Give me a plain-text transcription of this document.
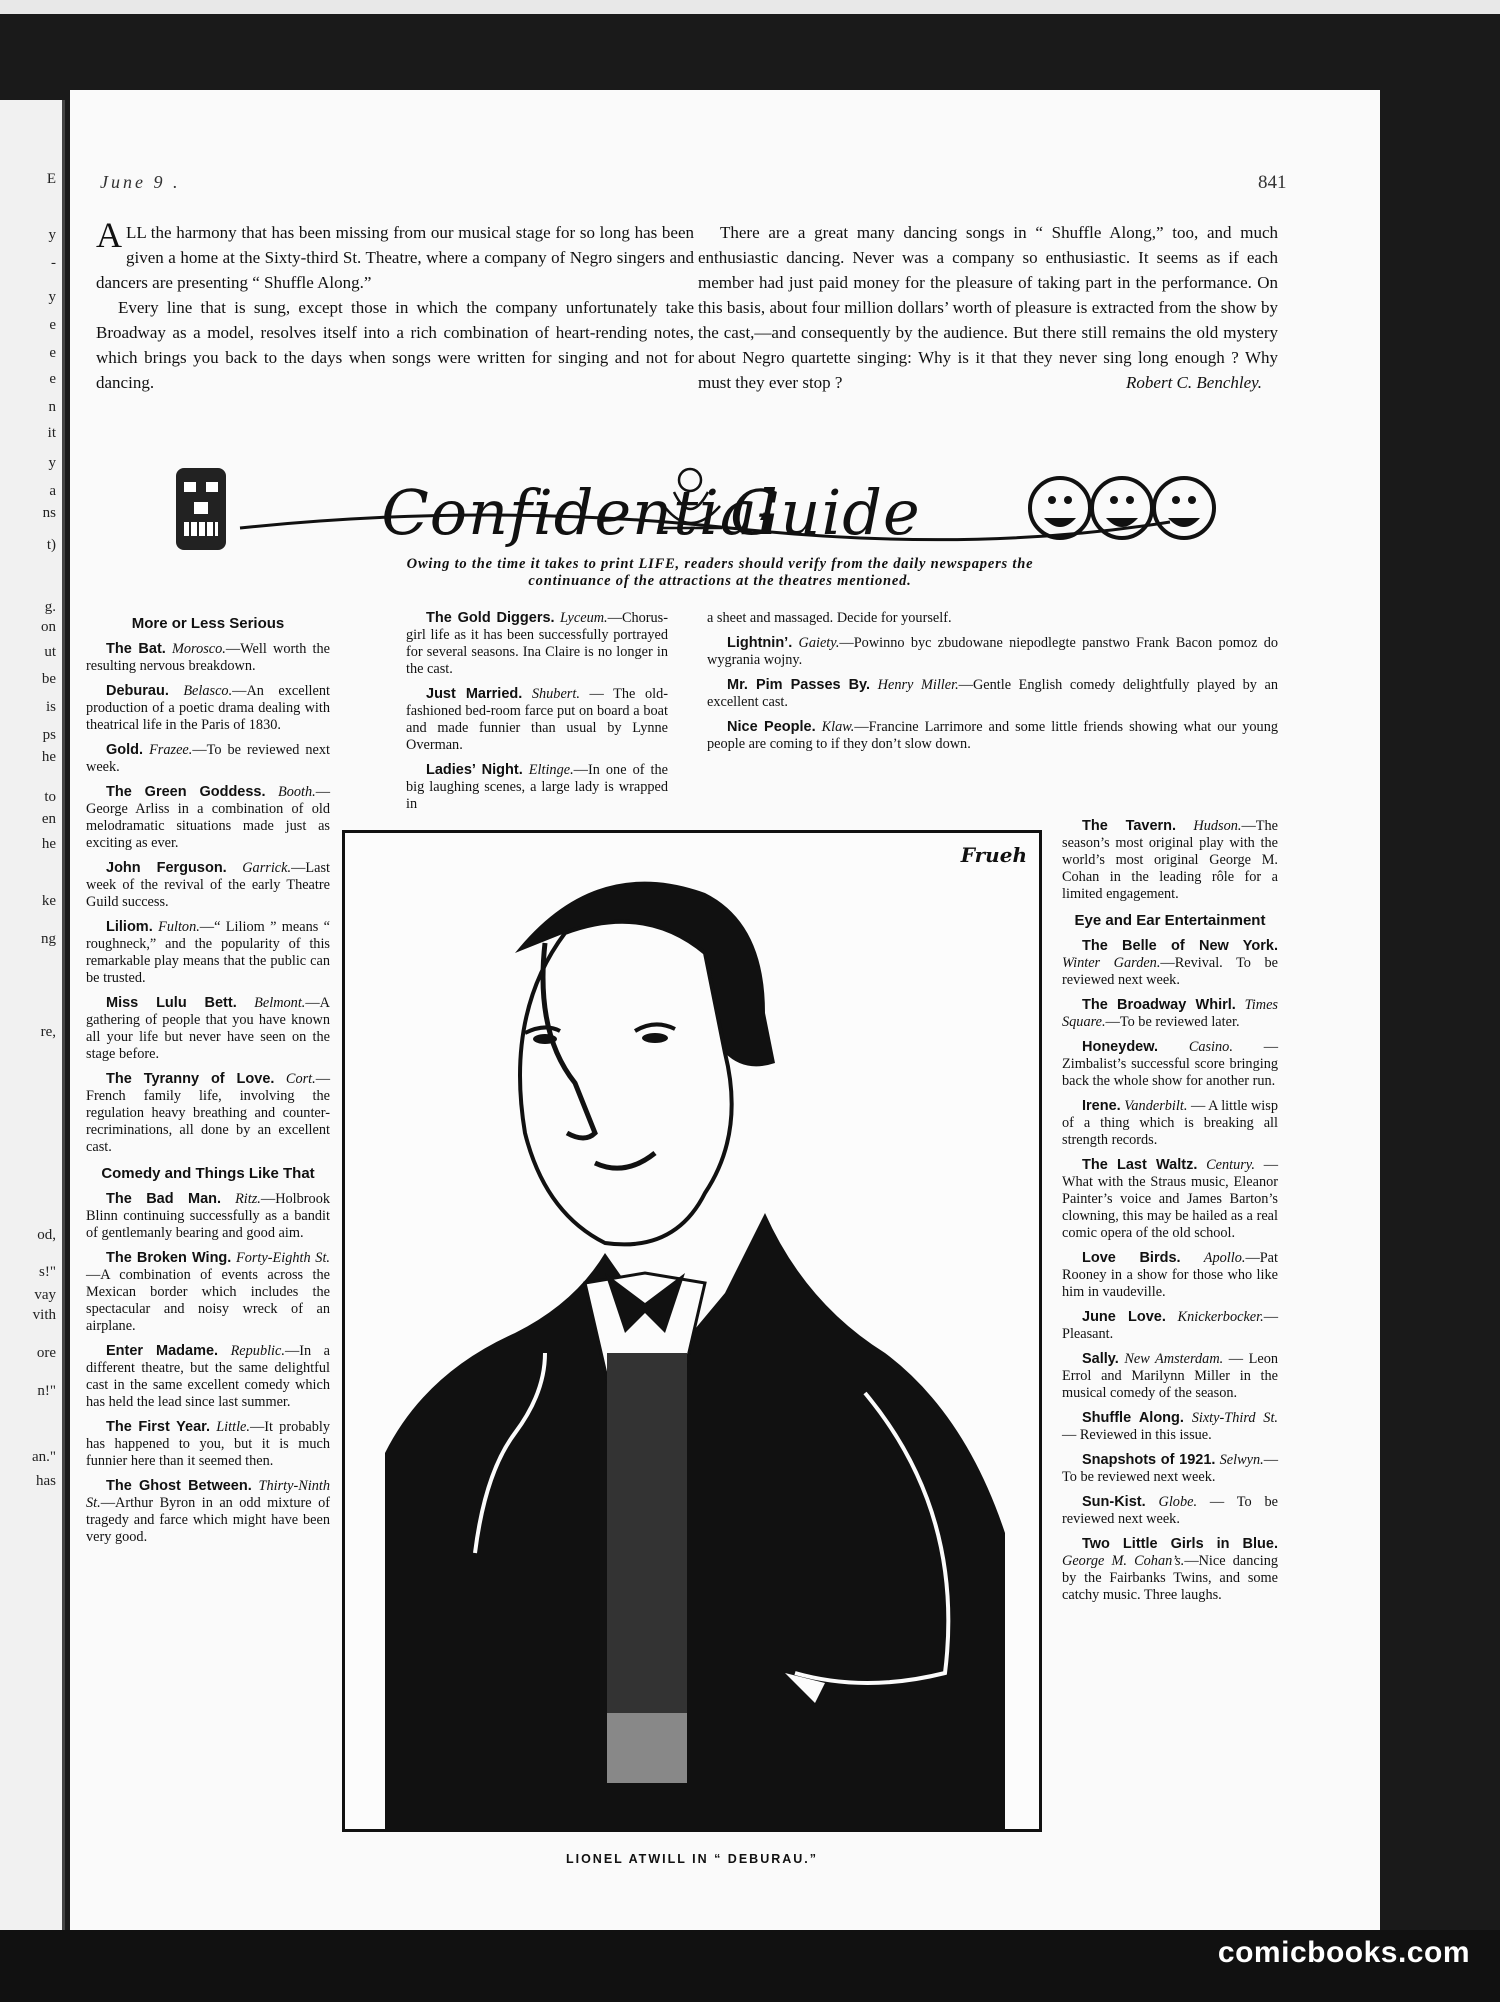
E
y
-
y
e
e
e
n
it
y
a
ns
t)
g.
on
ut
be
is
ps
he
to
en
he
ke
ng
re,
od,
s!"
vay
vith
ore
n!"
an."
has
June 9 .	841

ALL the harmony that has been missing from our musical stage for so long has been given a home at the Sixty-third St. Theatre, where a company of Negro singers and dancers are presenting “ Shuffle Along.”

Every line that is sung, except those in which the company unfortunately take Broadway as a model, resolves itself into a rich combination of heart-rending notes, which brings you back to the days when songs were written for singing and not for dancing.

There are a great many dancing songs in “ Shuffle Along,” too, and much enthusiastic dancing. Never was a company so enthusiastic. It seems as if each member had just paid money for the pleasure of taking part in the performance. On this basis, about four million dollars’ worth of pleasure is extracted from the show by the cast,—and consequently by the audience. But there still remains the old mystery about Negro quartette singing: Why is it that they never sing long enough ? Why must they ever stop ?	Robert C. Benchley.

Confidential
Guide
Owing to the time it takes to print LIFE, readers should verify from the daily newspapers the
continuance of the attractions at the theatres mentioned.
More or Less Serious

The Bat. Morosco.—Well worth the resulting nervous breakdown.

Deburau. Belasco.—An excellent production of a poetic drama dealing with theatrical life in the Paris of 1830.

Gold. Frazee.—To be reviewed next week.

The Green Goddess. Booth.—George Arliss in a combination of old melodramatic situations made just as exciting as ever.

John Ferguson. Garrick.—Last week of the revival of the early Theatre Guild success.

Liliom. Fulton.—“ Liliom ” means “ roughneck,” and the popularity of this remarkable play means that the public can be trusted.

Miss Lulu Bett. Belmont.—A gathering of people that you have known all your life but never have seen on the stage before.

The Tyranny of Love. Cort.—French family life, involving the regulation heavy breathing and counter-recriminations, all done by an excellent cast.

Comedy and Things Like That

The Bad Man. Ritz.—Holbrook Blinn continuing successfully as a bandit of gentlemanly bearing and good aim.

The Broken Wing. Forty-Eighth St.—A combination of events across the Mexican border which includes the spectacular and noisy wreck of an airplane.

Enter Madame. Republic.—In a different theatre, but the same delightful cast in the same excellent comedy which has held the lead since last summer.

The First Year. Little.—It probably has happened to you, but it is much funnier here than it seemed then.

The Ghost Between. Thirty-Ninth St.—Arthur Byron in an odd mixture of tragedy and farce which might have been very good.

The Gold Diggers. Lyceum.—Chorus-girl life as it has been successfully portrayed for several seasons. Ina Claire is no longer in the cast.

Just Married. Shubert. — The old-fashioned bed-room farce put on board a boat and made funnier than usual by Lynne Overman.

Ladies’ Night. Eltinge.—In one of the big laughing scenes, a large lady is wrapped in

a sheet and massaged. Decide for yourself.

Lightnin’. Gaiety.—Powinno byc zbudowane niepodlegte panstwo Frank Bacon pomoz do wygrania wojny.

Mr. Pim Passes By. Henry Miller.—Gentle English comedy delightfully played by an excellent cast.

Nice People. Klaw.—Francine Larrimore and some little friends showing what our young people are coming to if they don’t slow down.

The Tavern. Hudson.—The season’s most original play with the world’s most original George M. Cohan in the leading rôle for a limited engagement.

Eye and Ear Entertainment

The Belle of New York. Winter Garden.—Revival. To be reviewed next week.

The Broadway Whirl. Times Square.—To be reviewed later.

Honeydew. Casino. — Zimbalist’s successful score bringing back the whole show for another run.

Irene. Vanderbilt. — A little wisp of a thing which is breaking all strength records.

The Last Waltz. Century. — What with the Straus music, Eleanor Painter’s voice and James Barton’s clowning, this may be hailed as a real comic opera of the old school.

Love Birds. Apollo.—Pat Rooney in a show for those who like him in vaudeville.

June Love. Knickerbocker.—Pleasant.

Sally. New Amsterdam. — Leon Errol and Marilynn Miller in the musical comedy of the season.

Shuffle Along. Sixty-Third St. — Reviewed in this issue.

Snapshots of 1921. Selwyn.—To be reviewed next week.

Sun-Kist. Globe. — To be reviewed next week.

Two Little Girls in Blue. George M. Cohan’s.—Nice dancing by the Fairbanks Twins, and some catchy music. Three laughs.

Frueh
LIONEL ATWILL IN “ DEBURAU.”
comicbooks.com
